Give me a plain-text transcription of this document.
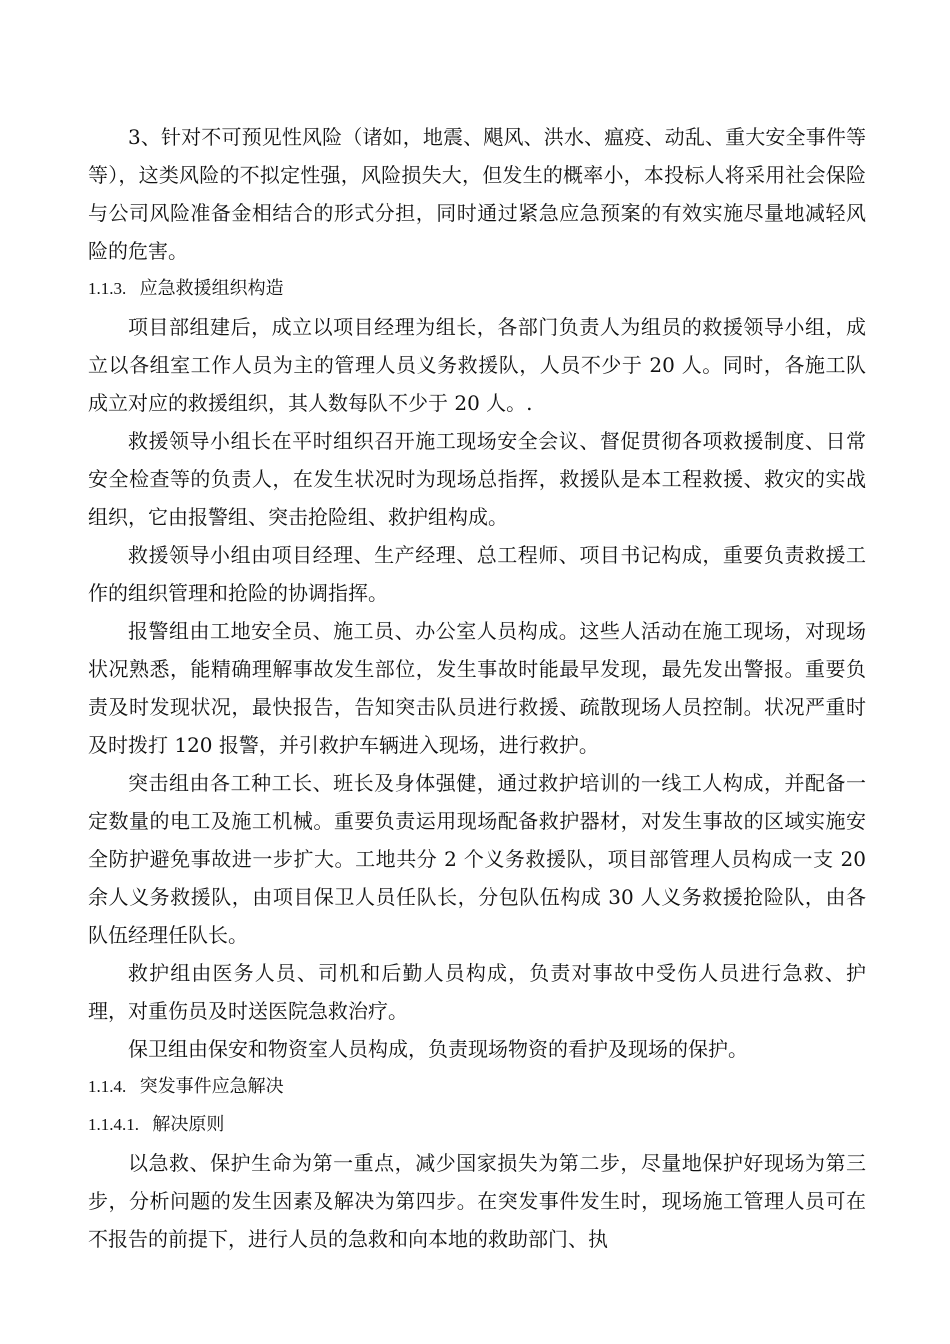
3、针对不可预见性风险（诸如，地震、飓风、洪水、瘟疫、动乱、重大安全事件等等），这类风险的不拟定性强，风险损失大，但发生的概率小，本投标人将采用社会保险与公司风险准备金相结合的形式分担，同时通过紧急应急预案的有效实施尽量地减轻风险的危害。

1.1.3. 应急救援组织构造

项目部组建后，成立以项目经理为组长，各部门负责人为组员的救援领导小组，成立以各组室工作人员为主的管理人员义务救援队，人员不少于 20 人。同时，各施工队成立对应的救援组织，其人数每队不少于 20 人。.

救援领导小组长在平时组织召开施工现场安全会议、督促贯彻各项救援制度、日常安全检查等的负责人，在发生状况时为现场总指挥，救援队是本工程救援、救灾的实战组织，它由报警组、突击抢险组、救护组构成。

救援领导小组由项目经理、生产经理、总工程师、项目书记构成，重要负责救援工作的组织管理和抢险的协调指挥。

报警组由工地安全员、施工员、办公室人员构成。这些人活动在施工现场，对现场状况熟悉，能精确理解事故发生部位，发生事故时能最早发现，最先发出警报。重要负责及时发现状况，最快报告，告知突击队员进行救援、疏散现场人员控制。状况严重时及时拨打 120 报警，并引救护车辆进入现场，进行救护。

突击组由各工种工长、班长及身体强健，通过救护培训的一线工人构成，并配备一定数量的电工及施工机械。重要负责运用现场配备救护器材，对发生事故的区域实施安全防护避免事故进一步扩大。工地共分 2 个义务救援队，项目部管理人员构成一支 20 余人义务救援队，由项目保卫人员任队长，分包队伍构成 30 人义务救援抢险队，由各队伍经理任队长。

救护组由医务人员、司机和后勤人员构成，负责对事故中受伤人员进行急救、护理，对重伤员及时送医院急救治疗。

保卫组由保安和物资室人员构成，负责现场物资的看护及现场的保护。

1.1.4. 突发事件应急解决
1.1.4.1. 解决原则

以急救、保护生命为第一重点，减少国家损失为第二步，尽量地保护好现场为第三步，分析问题的发生因素及解决为第四步。在突发事件发生时，现场施工管理人员可在不报告的前提下，进行人员的急救和向本地的救助部门、执
